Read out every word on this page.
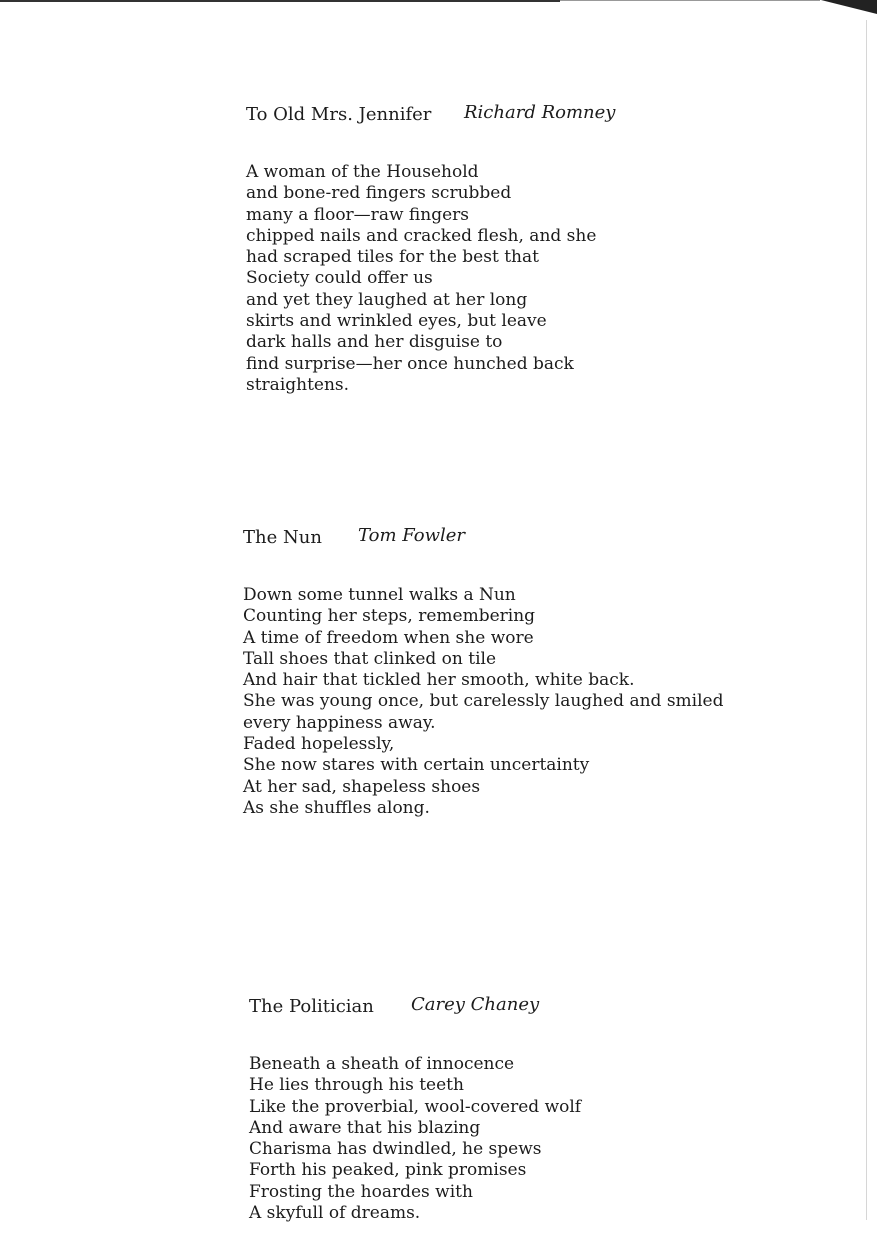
To Old Mrs. Jennifer Richard Romney
A woman of the Household
and bone-red fingers scrubbed
many a floor—raw fingers
chipped nails and cracked flesh, and she
had scraped tiles for the best that
Society could offer us
and yet they laughed at her long
skirts and wrinkled eyes, but leave
dark halls and her disguise to
find surprise—her once hunched back
straightens.
The Nun Tom Fowler
Down some tunnel walks a Nun
Counting her steps, remembering
A time of freedom when she wore
Tall shoes that clinked on tile
And hair that tickled her smooth, white back.
She was young once, but carelessly laughed and smiled
every happiness away.
Faded hopelessly,
She now stares with certain uncertainty
At her sad, shapeless shoes
As she shuffles along.
The Politician Carey Chaney
Beneath a sheath of innocence
He lies through his teeth
Like the proverbial, wool-covered wolf
And aware that his blazing
Charisma has dwindled, he spews
Forth his peaked, pink promises
Frosting the hoardes with
A skyfull of dreams.
